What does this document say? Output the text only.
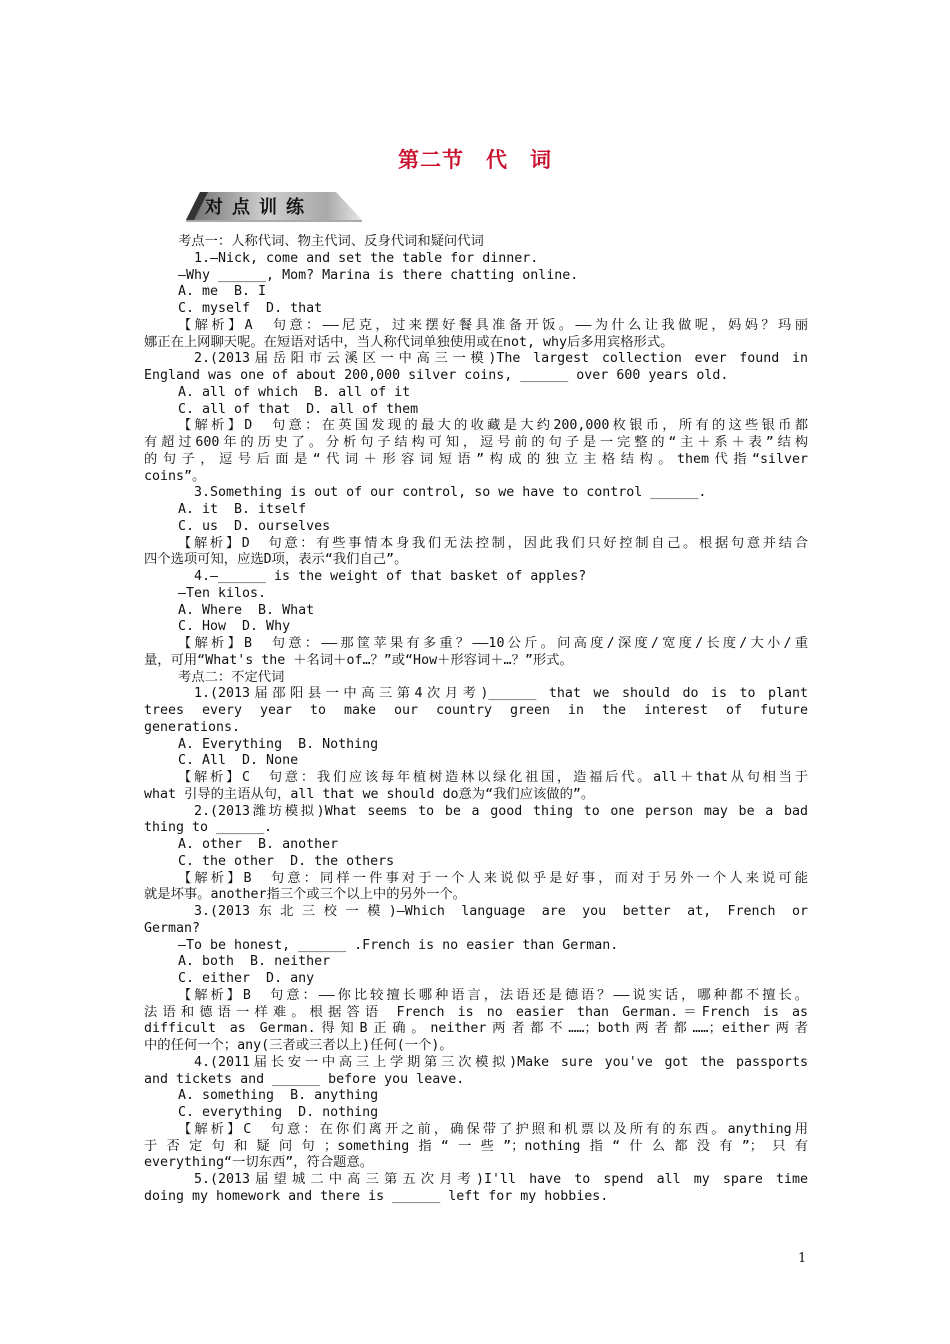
第二节　代　词
对点训练
考点一：人称代词、物主代词、反身代词和疑问代词
1.—Nick, come and set the table for dinner.
—Why ______, Mom? Marina is there chatting online.
A. me  B. I
C. myself  D. that
【解析】A　句意：——尼克，过来摆好餐具准备开饭。——为什么让我做呢，妈妈？玛丽
娜正在上网聊天呢。在短语对话中，当人称代词单独使用或在not, why后多用宾格形式。
2.(2013届岳阳市云溪区一中高三一模)The largest collection ever found in
England was one of about 200,000 silver coins, ______ over 600 years old.
A. all of which  B. all of it
C. all of that  D. all of them
【解析】D　句意：在英国发现的最大的收藏是大约200,000枚银币，所有的这些银币都
有超过600年的历史了。分析句子结构可知，逗号前的句子是一完整的“主＋系＋表”结构
的句子，逗号后面是“代词＋形容词短语”构成的独立主格结构。them代指“silver
coins”。
3.Something is out of our control, so we have to control ______.
A. it  B. itself
C. us  D. ourselves
【解析】D　句意：有些事情本身我们无法控制，因此我们只好控制自己。根据句意并结合
四个选项可知，应选D项，表示“我们自己”。
4.—______ is the weight of that basket of apples?
—Ten kilos.
A. Where  B. What
C. How  D. Why
【解析】B　句意：——那筐苹果有多重？——10公斤。问高度/深度/宽度/长度/大小/重
量，可用“What's the ＋名词＋of…？”或“How＋形容词＋…？”形式。
考点二：不定代词
1.(2013届邵阳县一中高三第4次月考)______ that we should do is to plant
trees every year to make our country green in the interest of future
generations.
A. Everything  B. Nothing
C. All  D. None
【解析】C　句意：我们应该每年植树造林以绿化祖国，造福后代。all＋that从句相当于
what 引导的主语从句，all that we should do意为“我们应该做的”。
2.(2013潍坊模拟)What seems to be a good thing to one person may be a bad
thing to ______.
A. other  B. another
C. the other  D. the others
【解析】B　句意：同样一件事对于一个人来说似乎是好事，而对于另外一个人来说可能
就是坏事。another指三个或三个以上中的另外一个。
3.(2013东北三校一模)—Which language are you better at, French or
German?
—To be honest, ______ .French is no easier than German.
A. both  B. neither
C. either  D. any
【解析】B　句意：——你比较擅长哪种语言，法语还是德语？——说实话，哪种都不擅长。
法语和德语一样难。根据答语 French is no easier than German.＝French is as
difficult as German.得知B正确。neither两者都不……；both两者都……；either两者
中的任何一个；any(三者或三者以上)任何(一个)。
4.(2011届长安一中高三上学期第三次模拟)Make sure you've got the passports
and tickets and ______ before you leave.
A. something  B. anything
C. everything  D. nothing
【解析】C　句意：在你们离开之前，确保带了护照和机票以及所有的东西。anything用
于否定句和疑问句；something指“一些”；nothing指“什么都没有”；只有
everything“一切东西”，符合题意。
5.(2013届望城二中高三第五次月考)I'll have to spend all my spare time
doing my homework and there is ______ left for my hobbies.
1
